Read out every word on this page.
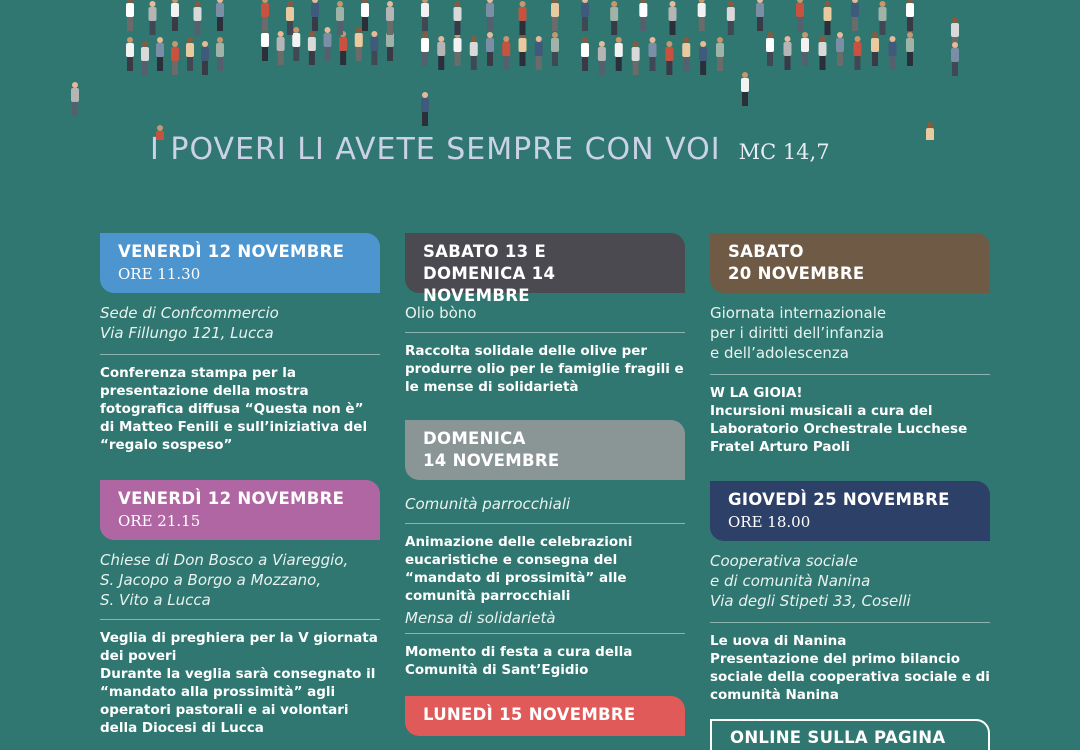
I POVERI LI AVETE SEMPRE CON VOI MC 14,7
VENERDÌ 12 NOVEMBRE
ORE 11.30
Sede di Confcommercio
Via Fillungo 121, Lucca
Conferenza stampa per la presentazione della mostra fotografica diffusa “Questa non è” di Matteo Fenili e sull’iniziativa del “regalo sospeso”
VENERDÌ 12 NOVEMBRE
ORE 21.15
Chiese di Don Bosco a Viareggio,
S. Jacopo a Borgo a Mozzano,
S. Vito a Lucca
Veglia di preghiera per la V giornata dei poveri
Durante la veglia sarà consegnato il “mandato alla prossimità” agli operatori pastorali e ai volontari della Diocesi di Lucca
SABATO 13 E
DOMENICA 14 NOVEMBRE
Olio bòno
Raccolta solidale delle olive per produrre olio per le famiglie fragili e le mense di solidarietà
DOMENICA
14 NOVEMBRE
Comunità parrocchiali
Animazione delle celebrazioni eucaristiche e consegna del “mandato di prossimità” alle comunità parrocchiali
Mensa di solidarietà
Momento di festa a cura della Comunità di Sant’Egidio
LUNEDÌ 15 NOVEMBRE
SABATO
20 NOVEMBRE
Giornata internazionale
per i diritti dell’infanzia
e dell’adolescenza
W LA GIOIA!
Incursioni musicali a cura del Laboratorio Orchestrale Lucchese Fratel Arturo Paoli
GIOVEDÌ 25 NOVEMBRE
ORE 18.00
Cooperativa sociale
e di comunità Nanina
Via degli Stipeti 33, Coselli
Le uova di Nanina
Presentazione del primo bilancio sociale della cooperativa sociale e di comunità Nanina
ONLINE SULLA PAGINA
